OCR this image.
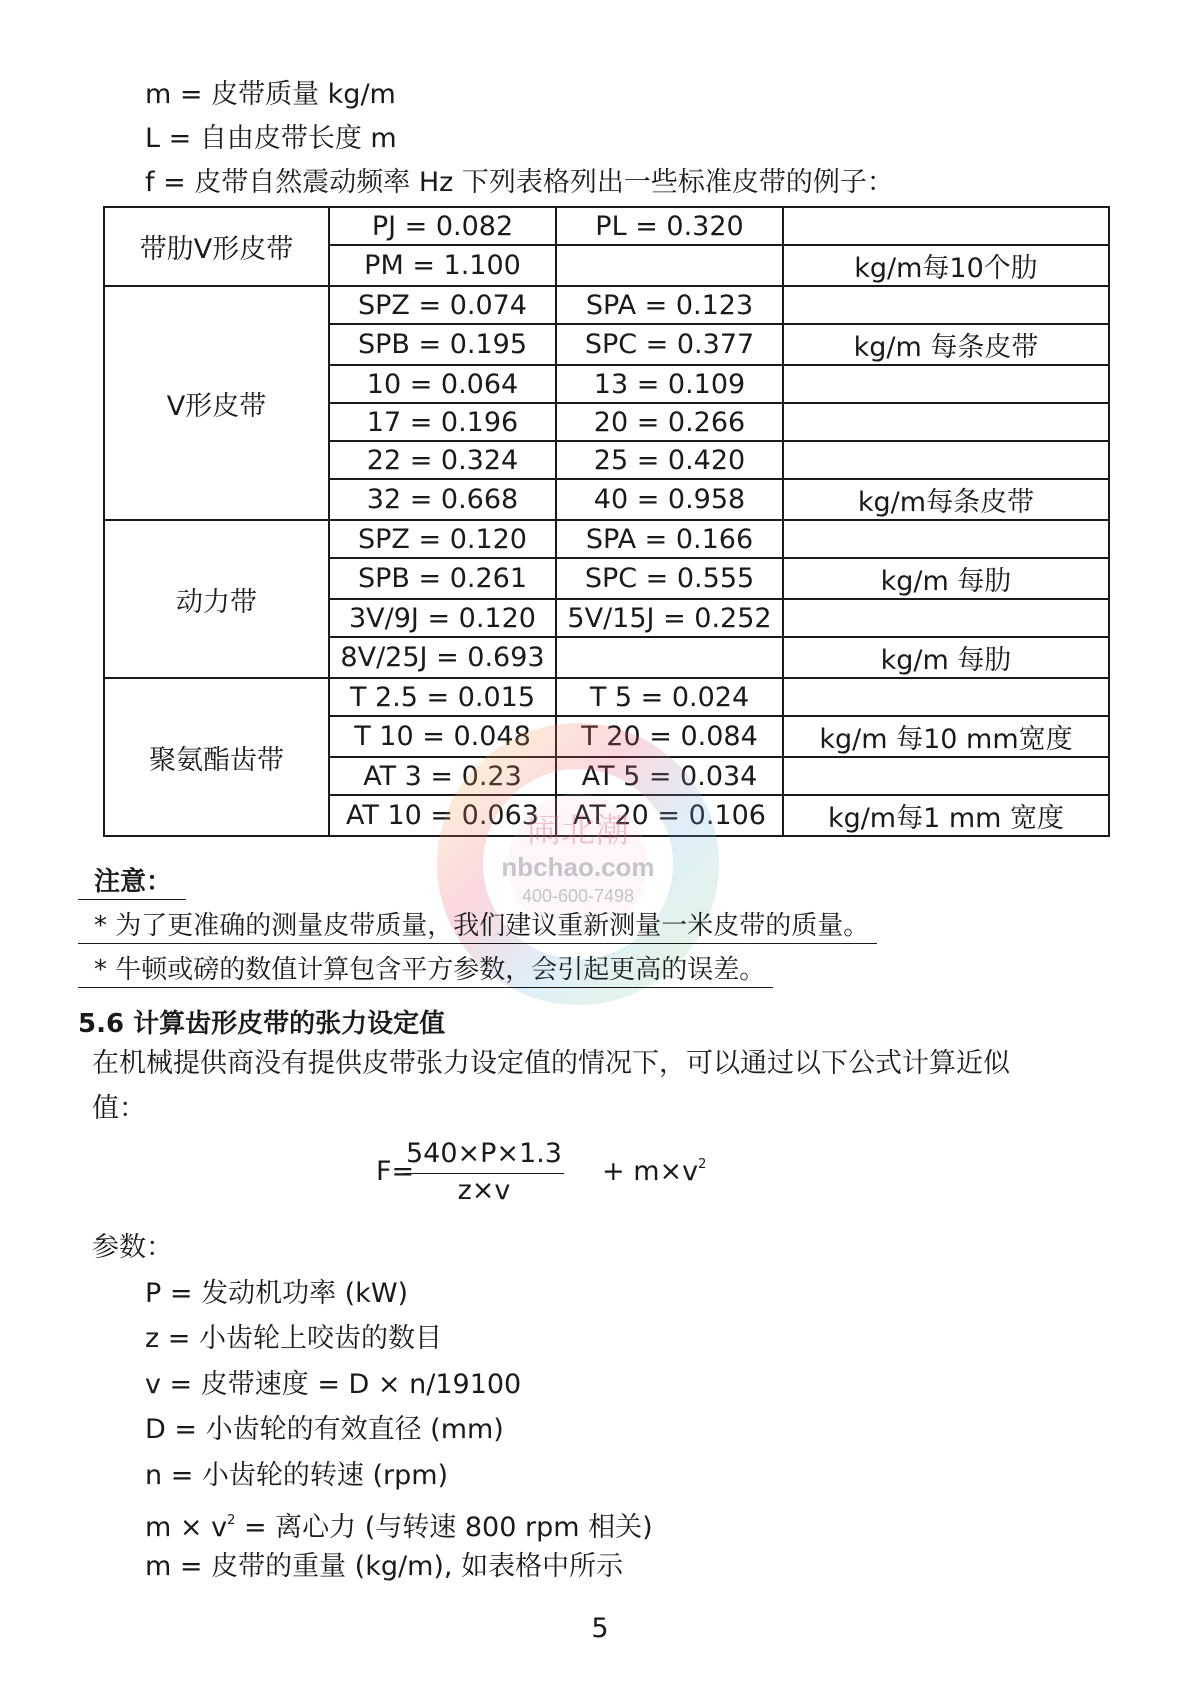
m = 皮带质量 kg/m
L = 自由皮带长度 m
f = 皮带自然震动频率 Hz 下列表格列出一些标准皮带的例子：
带肋V形皮带	PJ = 0.082	PL = 0.320	
	PM = 1.100		kg/m每10个肋
V形皮带	SPZ = 0.074	SPA = 0.123	
	SPB = 0.195	SPC = 0.377	kg/m 每条皮带
	10 = 0.064	13 = 0.109	
	17 = 0.196	20 = 0.266	
	22 = 0.324	25 = 0.420	
	32 = 0.668	40 = 0.958	kg/m每条皮带
动力带	SPZ = 0.120	SPA = 0.166	
	SPB = 0.261	SPC = 0.555	kg/m 每肋
	3V/9J = 0.120	5V/15J = 0.252	
	8V/25J = 0.693		kg/m 每肋
聚氨酯齿带	T 2.5 = 0.015	T 5 = 0.024	
	T 10 = 0.048	T 20 = 0.084	kg/m 每10 mm宽度
	AT 3 = 0.23	AT 5 = 0.034	
	AT 10 = 0.063	AT 20 = 0.106	kg/m每1 mm 宽度
闹北潮
nbchao.com
400-600-7498
注意：
* 为了更准确的测量皮带质量，我们建议重新测量一米皮带的质量。
* 牛顿或磅的数值计算包含平方参数，会引起更高的误差。
5.6 计算齿形皮带的张力设定值
在机械提供商没有提供皮带张力设定值的情况下，可以通过以下公式计算近似
值：
F=
540×P×1.3
z×v
+ $m\times v^2$
参数：
P = 发动机功率 (kW)
z = 小齿轮上咬齿的数目
v = 皮带速度 = D × n/19100
D = 小齿轮的有效直径 (mm)
n = 小齿轮的转速 (rpm)
$m \times v^2$ = 离心力 (与转速 800 rpm 相关)
m = 皮带的重量 (kg/m), 如表格中所示
5
